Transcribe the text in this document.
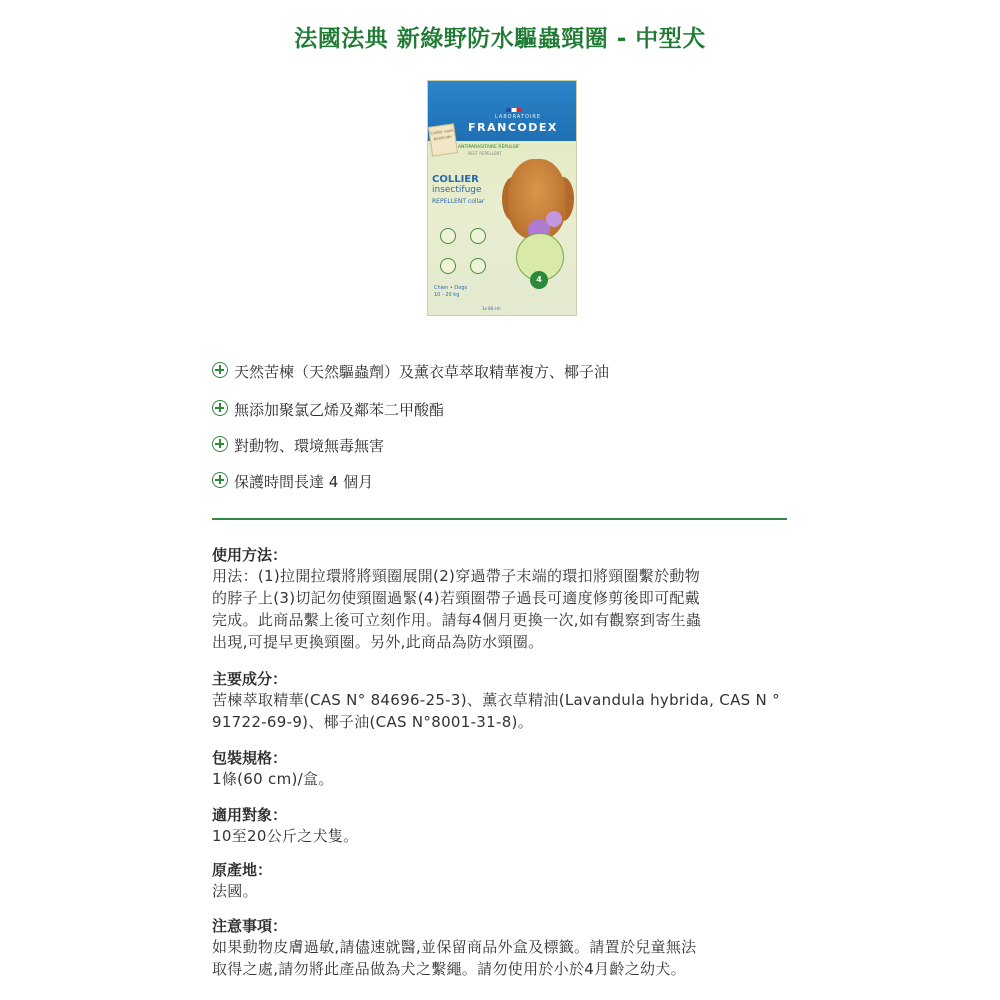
法國法典 新綠野防水驅蟲頸圈 - 中型犬
LABORATOIRE
FRANCODEX
Collier sans pesticide
ANTIPARASITAIRE RÉPULSIF
PEST REPELLENT
COLLIER
insectifuge
REPELLENT collar
4
Chien • Dogs
10 - 20 kg
1x 60 cm
天然苦楝（天然驅蟲劑）及薰衣草萃取精華複方、椰子油
無添加聚氯乙烯及鄰苯二甲酸酯
對動物、環境無毒無害
保護時間長達 4 個月
使用方法：
用法：(1)拉開拉環將將頸圈展開(2)穿過帶子末端的環扣將頸圈繫於動物
的脖子上(3)切記勿使頸圈過緊(4)若頸圈帶子過長可適度修剪後即可配戴
完成。此商品繫上後可立刻作用。請每4個月更換一次,如有觀察到寄生蟲
出現,可提早更換頸圈。另外,此商品為防水頸圈。
主要成分：
苦楝萃取精華(CAS N° 84696-25-3)、薰衣草精油(Lavandula hybrida, CAS N °
91722-69-9)、椰子油(CAS N°8001-31-8)。
包裝規格：
1條(60 cm)/盒。
適用對象：
10至20公斤之犬隻。
原產地：
法國。
注意事項：
如果動物皮膚過敏,請儘速就醫,並保留商品外盒及標籤。請置於兒童無法
取得之處,請勿將此產品做為犬之繫繩。請勿使用於小於4月齡之幼犬。
